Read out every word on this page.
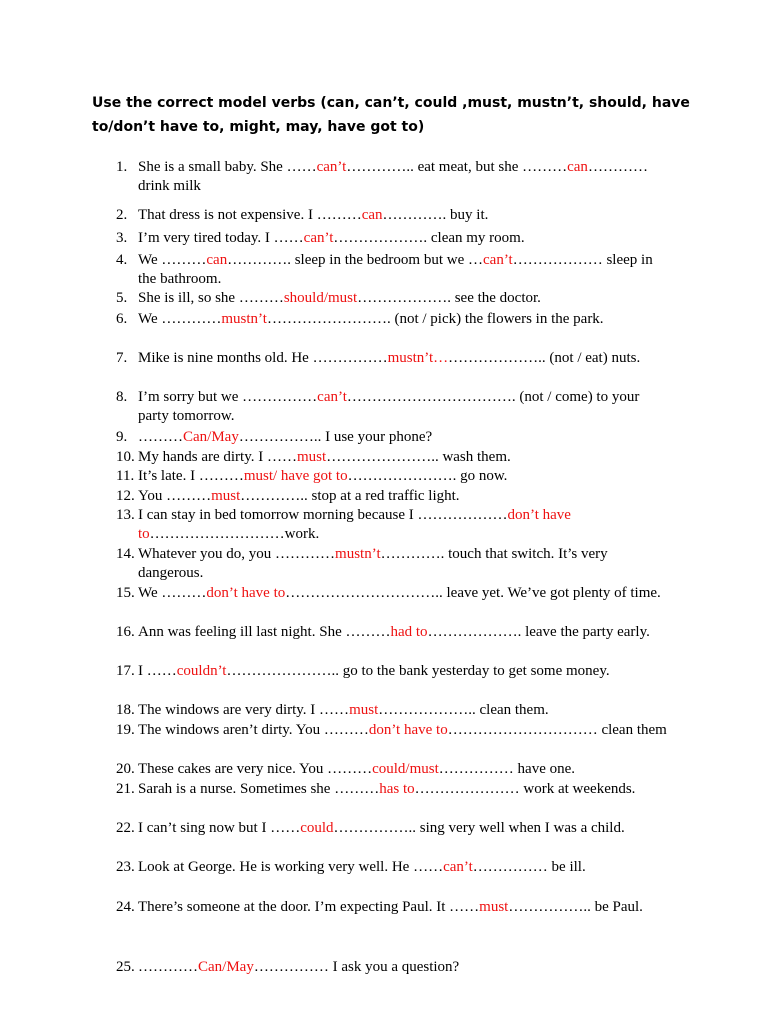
Use the correct model verbs (can, can’t, could ,must, mustn’t, should, have to/don’t have to, might, may, have got to)
1. She is a small baby. She ……can’t………….. eat meat, but she ………can………… drink milk
2. That dress is not expensive. I ………can…………. buy it.
3. I’m very tired today. I ……can’t………………. clean my room.
4. We ………can…………. sleep in the bedroom but we …can’t……………… sleep in the bathroom.
5. She is ill, so she ………should/must………………. see the doctor.
6. We …………mustn’t……………………. (not / pick) the flowers in the park.
7. Mike is nine months old. He ……………mustn’t………………….. (not / eat) nuts.
8. I’m sorry but we ……………can’t……………………………. (not / come) to your party tomorrow.
9. ………Can/May…………….. I use your phone?
10. My hands are dirty. I ……must………………….. wash them.
11. It’s late. I ………must/ have got to…………………. go now.
12. You ………must………….. stop at a red traffic light.
13. I can stay in bed tomorrow morning because I ………………don’t have to………………………work.
14. Whatever you do, you …………mustn’t…………. touch that switch. It’s very dangerous.
15. We ………don’t have to………………………….. leave yet. We’ve got plenty of time.
16. Ann was feeling ill last night. She ………had to………………. leave the party early.
17. I ……couldn’t………………….. go to the bank yesterday to get some money.
18. The windows are very dirty. I ……must……………….. clean them.
19. The windows aren’t dirty. You ………don’t have to………………………… clean them
20. These cakes are very nice. You ………could/must…………… have one.
21. Sarah is a nurse. Sometimes she ………has to………………… work at weekends.
22. I can’t sing now but I ……could…………….. sing very well when I was a child.
23. Look at George. He is working very well. He ……can’t…………… be ill.
24. There’s someone at the door. I’m expecting Paul. It ……must…………….. be Paul.
25. …………Can/May…………… I ask you a question?
